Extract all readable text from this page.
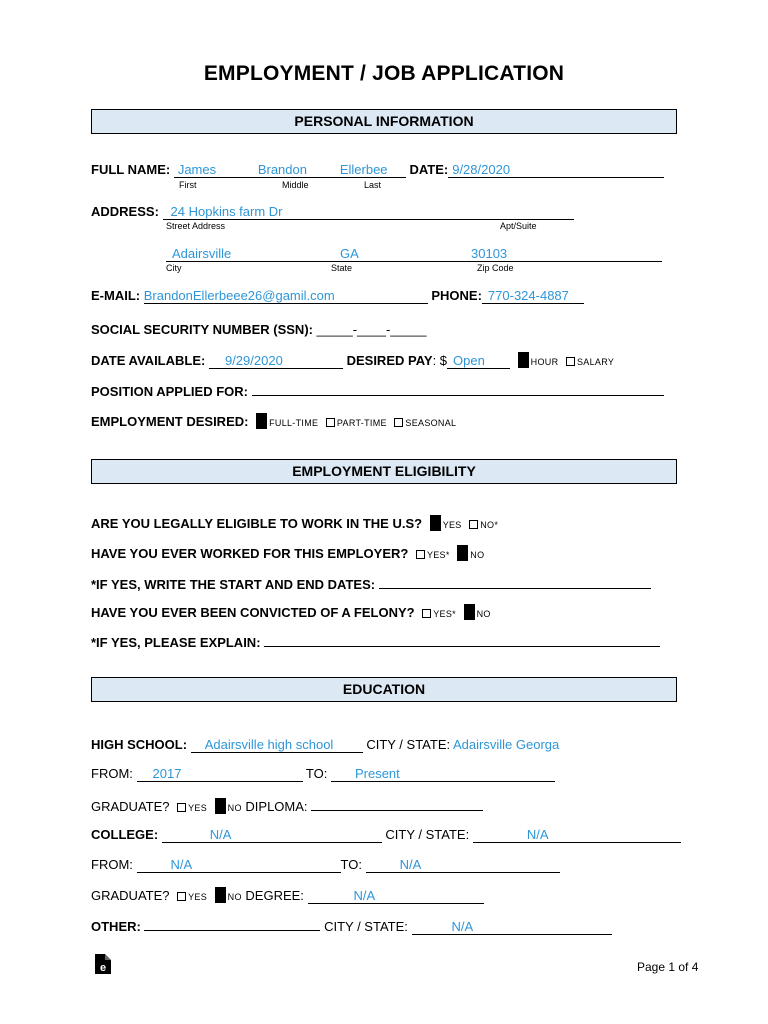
EMPLOYMENT / JOB APPLICATION
PERSONAL INFORMATION
FULL NAME: James	Brandon	Ellerbee DATE: 9/28/2020
First	Middle	Last
ADDRESS: 24 Hopkins farm Dr
Street Address	Apt/Suite
Adairsville	GA	30103
City	State	Zip Code
E-MAIL: BrandonEllerbeee26@gamil.com	PHONE: 770-324-4887
SOCIAL SECURITY NUMBER (SSN): _____-____-_____
DATE AVAILABLE: 9/29/2020	DESIRED PAY: $ Open	HOUR SALARY
POSITION APPLIED FOR:
EMPLOYMENT DESIRED: FULL-TIME PART-TIME SEASONAL
EMPLOYMENT ELIGIBILITY
ARE YOU LEGALLY ELIGIBLE TO WORK IN THE U.S? YES NO*
HAVE YOU EVER WORKED FOR THIS EMPLOYER? YES* NO
*IF YES, WRITE THE START AND END DATES:
HAVE YOU EVER BEEN CONVICTED OF A FELONY? YES* NO
*IF YES, PLEASE EXPLAIN:
EDUCATION
HIGH SCHOOL: Adairsville high school	CITY / STATE: Adairsville Georga
FROM: 2017	TO: Present
GRADUATE? YES NO DIPLOMA:
COLLEGE:	N/A	CITY / STATE:	N/A
FROM:	N/A	TO:	N/A
GRADUATE? YES NO DEGREE:	N/A
OTHER:	CITY / STATE:	N/A
e	Page 1 of 4
